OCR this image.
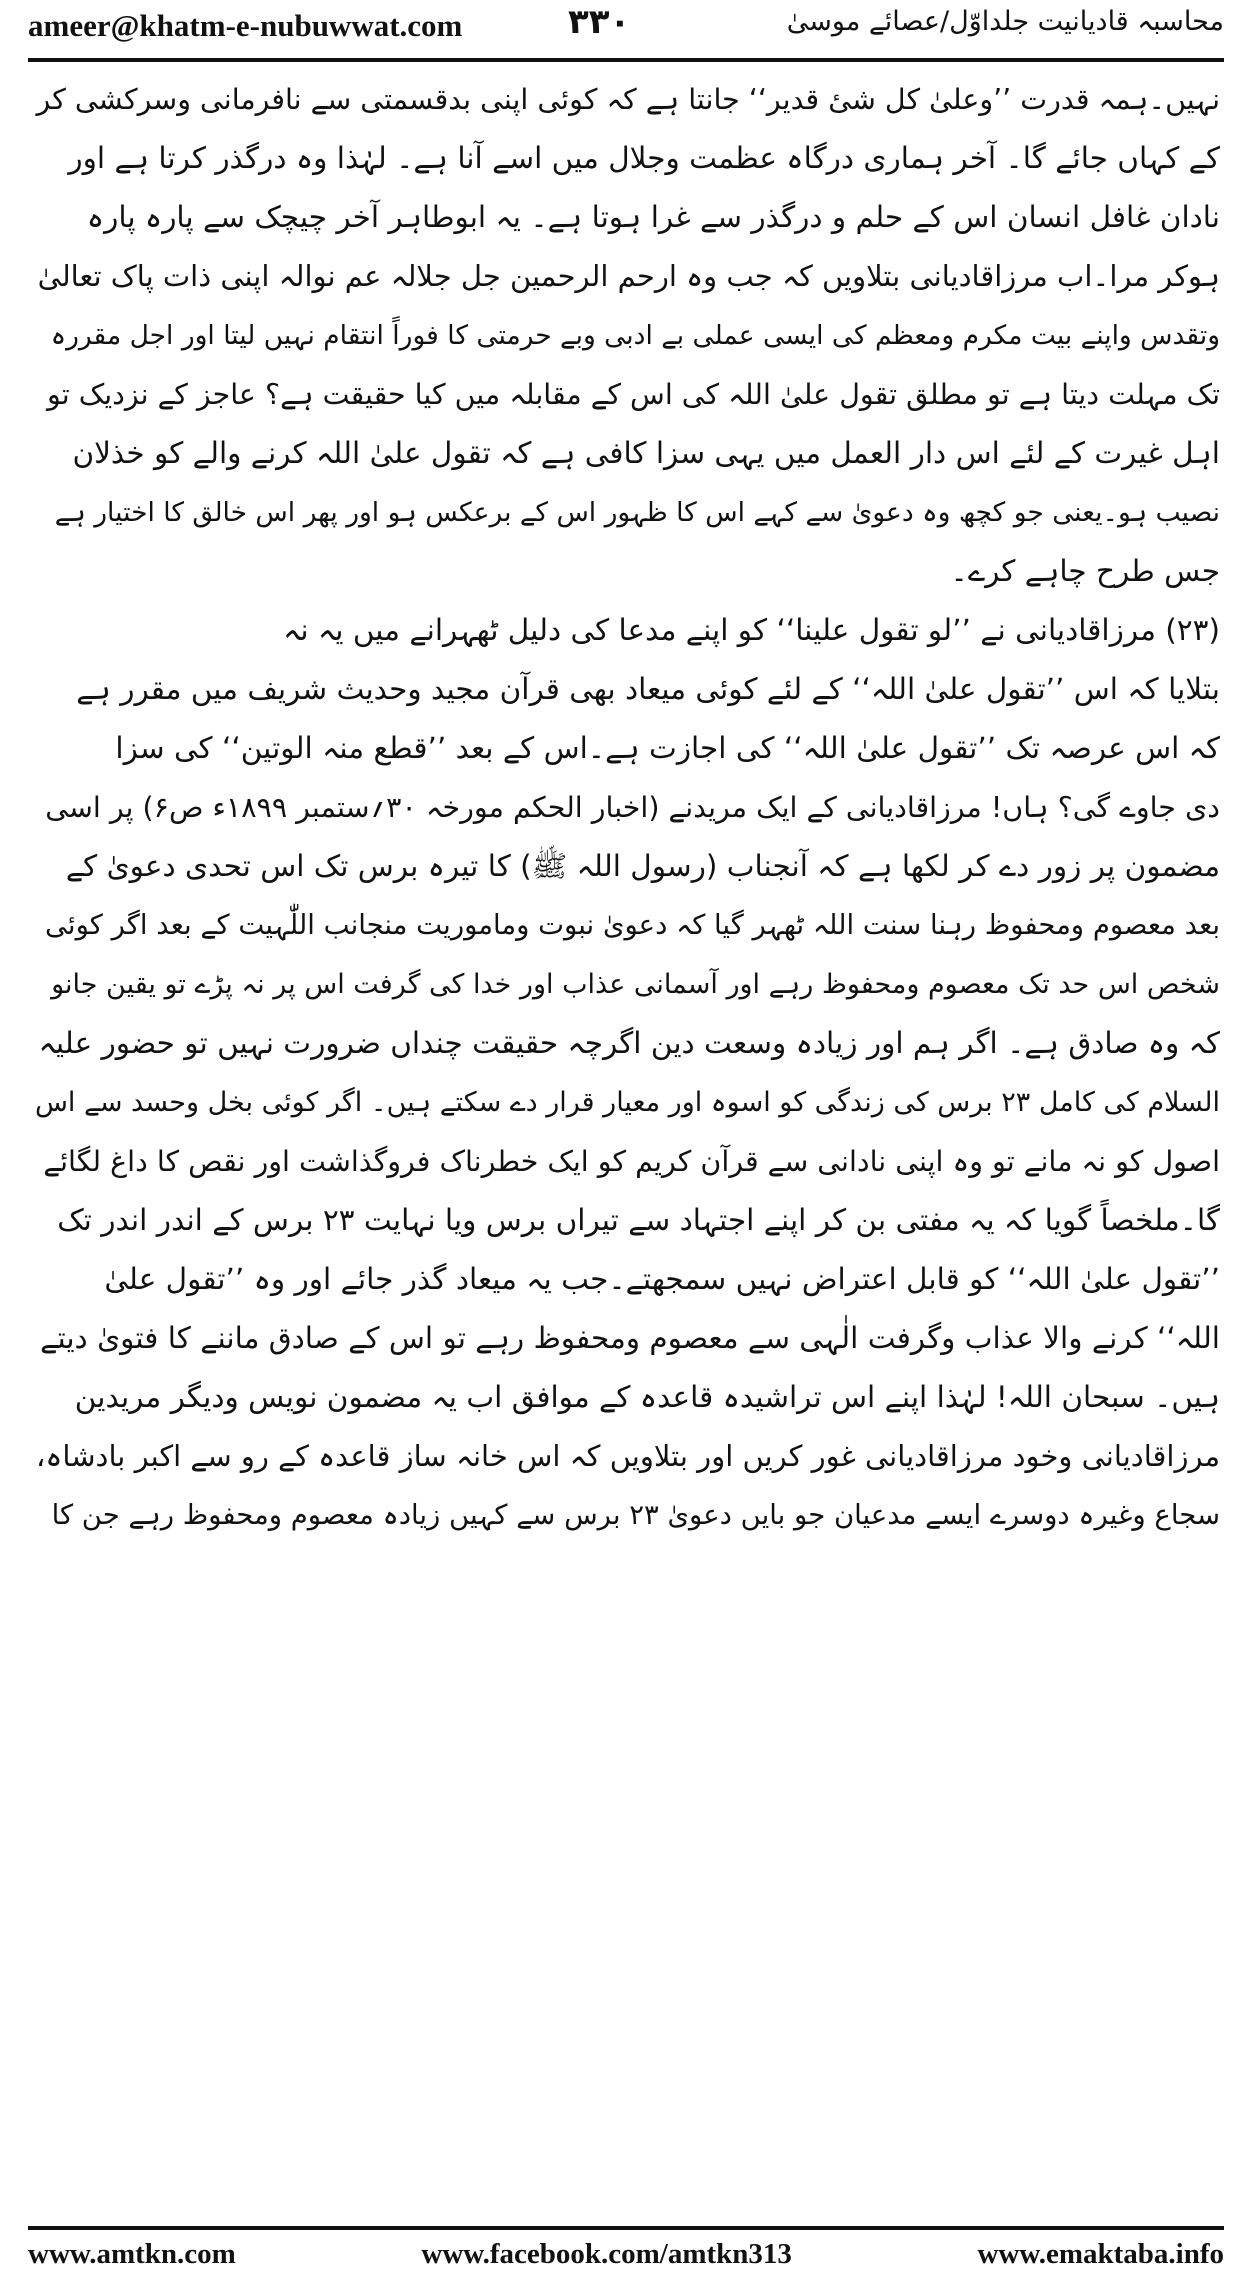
ameer@khatm-e-nubuwwat.com	۳۳۰	محاسبہ قادیانیت جلداوّل/عصائے موسیٰ
نہیں۔ہمہ قدرت ’’وعلیٰ کل شیٔ قدیر‘‘ جانتا ہے کہ کوئی اپنی بدقسمتی سے نافرمانی وسرکشی کر
کے کہاں جائے گا۔ آخر ہماری درگاہ عظمت وجلال میں اسے آنا ہے۔ لہٰذا وہ درگذر کرتا ہے اور
نادان غافل انسان اس کے حلم و درگذر سے غرا ہوتا ہے۔ یہ ابوطاہر آخر چیچک سے پارہ پارہ
ہوکر مرا۔اب مرزاقادیانی بتلاویں کہ جب وہ ارحم الرحمین جل جلالہ عم نوالہ اپنی ذات پاک تعالیٰ
وتقدس واپنے بیت مکرم ومعظم کی ایسی عملی بے ادبی وبے حرمتی کا فوراً انتقام نہیں لیتا اور اجل مقررہ
تک مہلت دیتا ہے تو مطلق تقول علیٰ اللہ کی اس کے مقابلہ میں کیا حقیقت ہے؟ عاجز کے نزدیک تو
اہل غیرت کے لئے اس دار العمل میں یہی سزا کافی ہے کہ تقول علیٰ اللہ کرنے والے کو خذلان
نصیب ہو۔یعنی جو کچھ وہ دعویٰ سے کہے اس کا ظہور اس کے برعکس ہو اور پھر اس خالق کا اختیار ہے
جس طرح چاہے کرے۔
(۲۳) مرزاقادیانی نے ’’لو تقول علینا‘‘ کو اپنے مدعا کی دلیل ٹھہرانے میں یہ نہ
بتلایا کہ اس ’’تقول علیٰ اللہ‘‘ کے لئے کوئی میعاد بھی قرآن مجید وحدیث شریف میں مقرر ہے
کہ اس عرصہ تک ’’تقول علیٰ اللہ‘‘ کی اجازت ہے۔اس کے بعد ’’قطع منہ الوتین‘‘ کی سزا
دی جاوے گی؟ ہاں! مرزاقادیانی کے ایک مریدنے (اخبار الحکم مورخہ ۳۰؍ستمبر ۱۸۹۹ء ص۶) پر اسی
مضمون پر زور دے کر لکھا ہے کہ آنجناب (رسول اللہ ﷺ) کا تیرہ برس تک اس تحدی دعویٰ کے
بعد معصوم ومحفوظ رہنا سنت اللہ ٹھہر گیا کہ دعویٰ نبوت وماموریت منجانب اللّٰہیت کے بعد اگر کوئی
شخص اس حد تک معصوم ومحفوظ رہے اور آسمانی عذاب اور خدا کی گرفت اس پر نہ پڑے تو یقین جانو
کہ وہ صادق ہے۔ اگر ہم اور زیادہ وسعت دین اگرچہ حقیقت چنداں ضرورت نہیں تو حضور علیہ
السلام کی کامل ۲۳ برس کی زندگی کو اسوہ اور معیار قرار دے سکتے ہیں۔ اگر کوئی بخل وحسد سے اس
اصول کو نہ مانے تو وہ اپنی نادانی سے قرآن کریم کو ایک خطرناک فروگذاشت اور نقص کا داغ لگائے
گا۔ملخصاً گویا کہ یہ مفتی بن کر اپنے اجتہاد سے تیراں برس ویا نہایت ۲۳ برس کے اندر اندر تک
’’تقول علیٰ اللہ‘‘ کو قابل اعتراض نہیں سمجھتے۔جب یہ میعاد گذر جائے اور وہ ’’تقول علیٰ
اللہ‘‘ کرنے والا عذاب وگرفت الٰہی سے معصوم ومحفوظ رہے تو اس کے صادق ماننے کا فتویٰ دیتے
ہیں۔ سبحان اللہ! لہٰذا اپنے اس تراشیدہ قاعدہ کے موافق اب یہ مضمون نویس ودیگر مریدین
مرزاقادیانی وخود مرزاقادیانی غور کریں اور بتلاویں کہ اس خانہ ساز قاعدہ کے رو سے اکبر بادشاہ،
سجاع وغیرہ دوسرے ایسے مدعیان جو بایں دعویٰ ۲۳ برس سے کہیں زیادہ معصوم ومحفوظ رہے جن کا
www.amtkn.com	www.facebook.com/amtkn313	www.emaktaba.info
